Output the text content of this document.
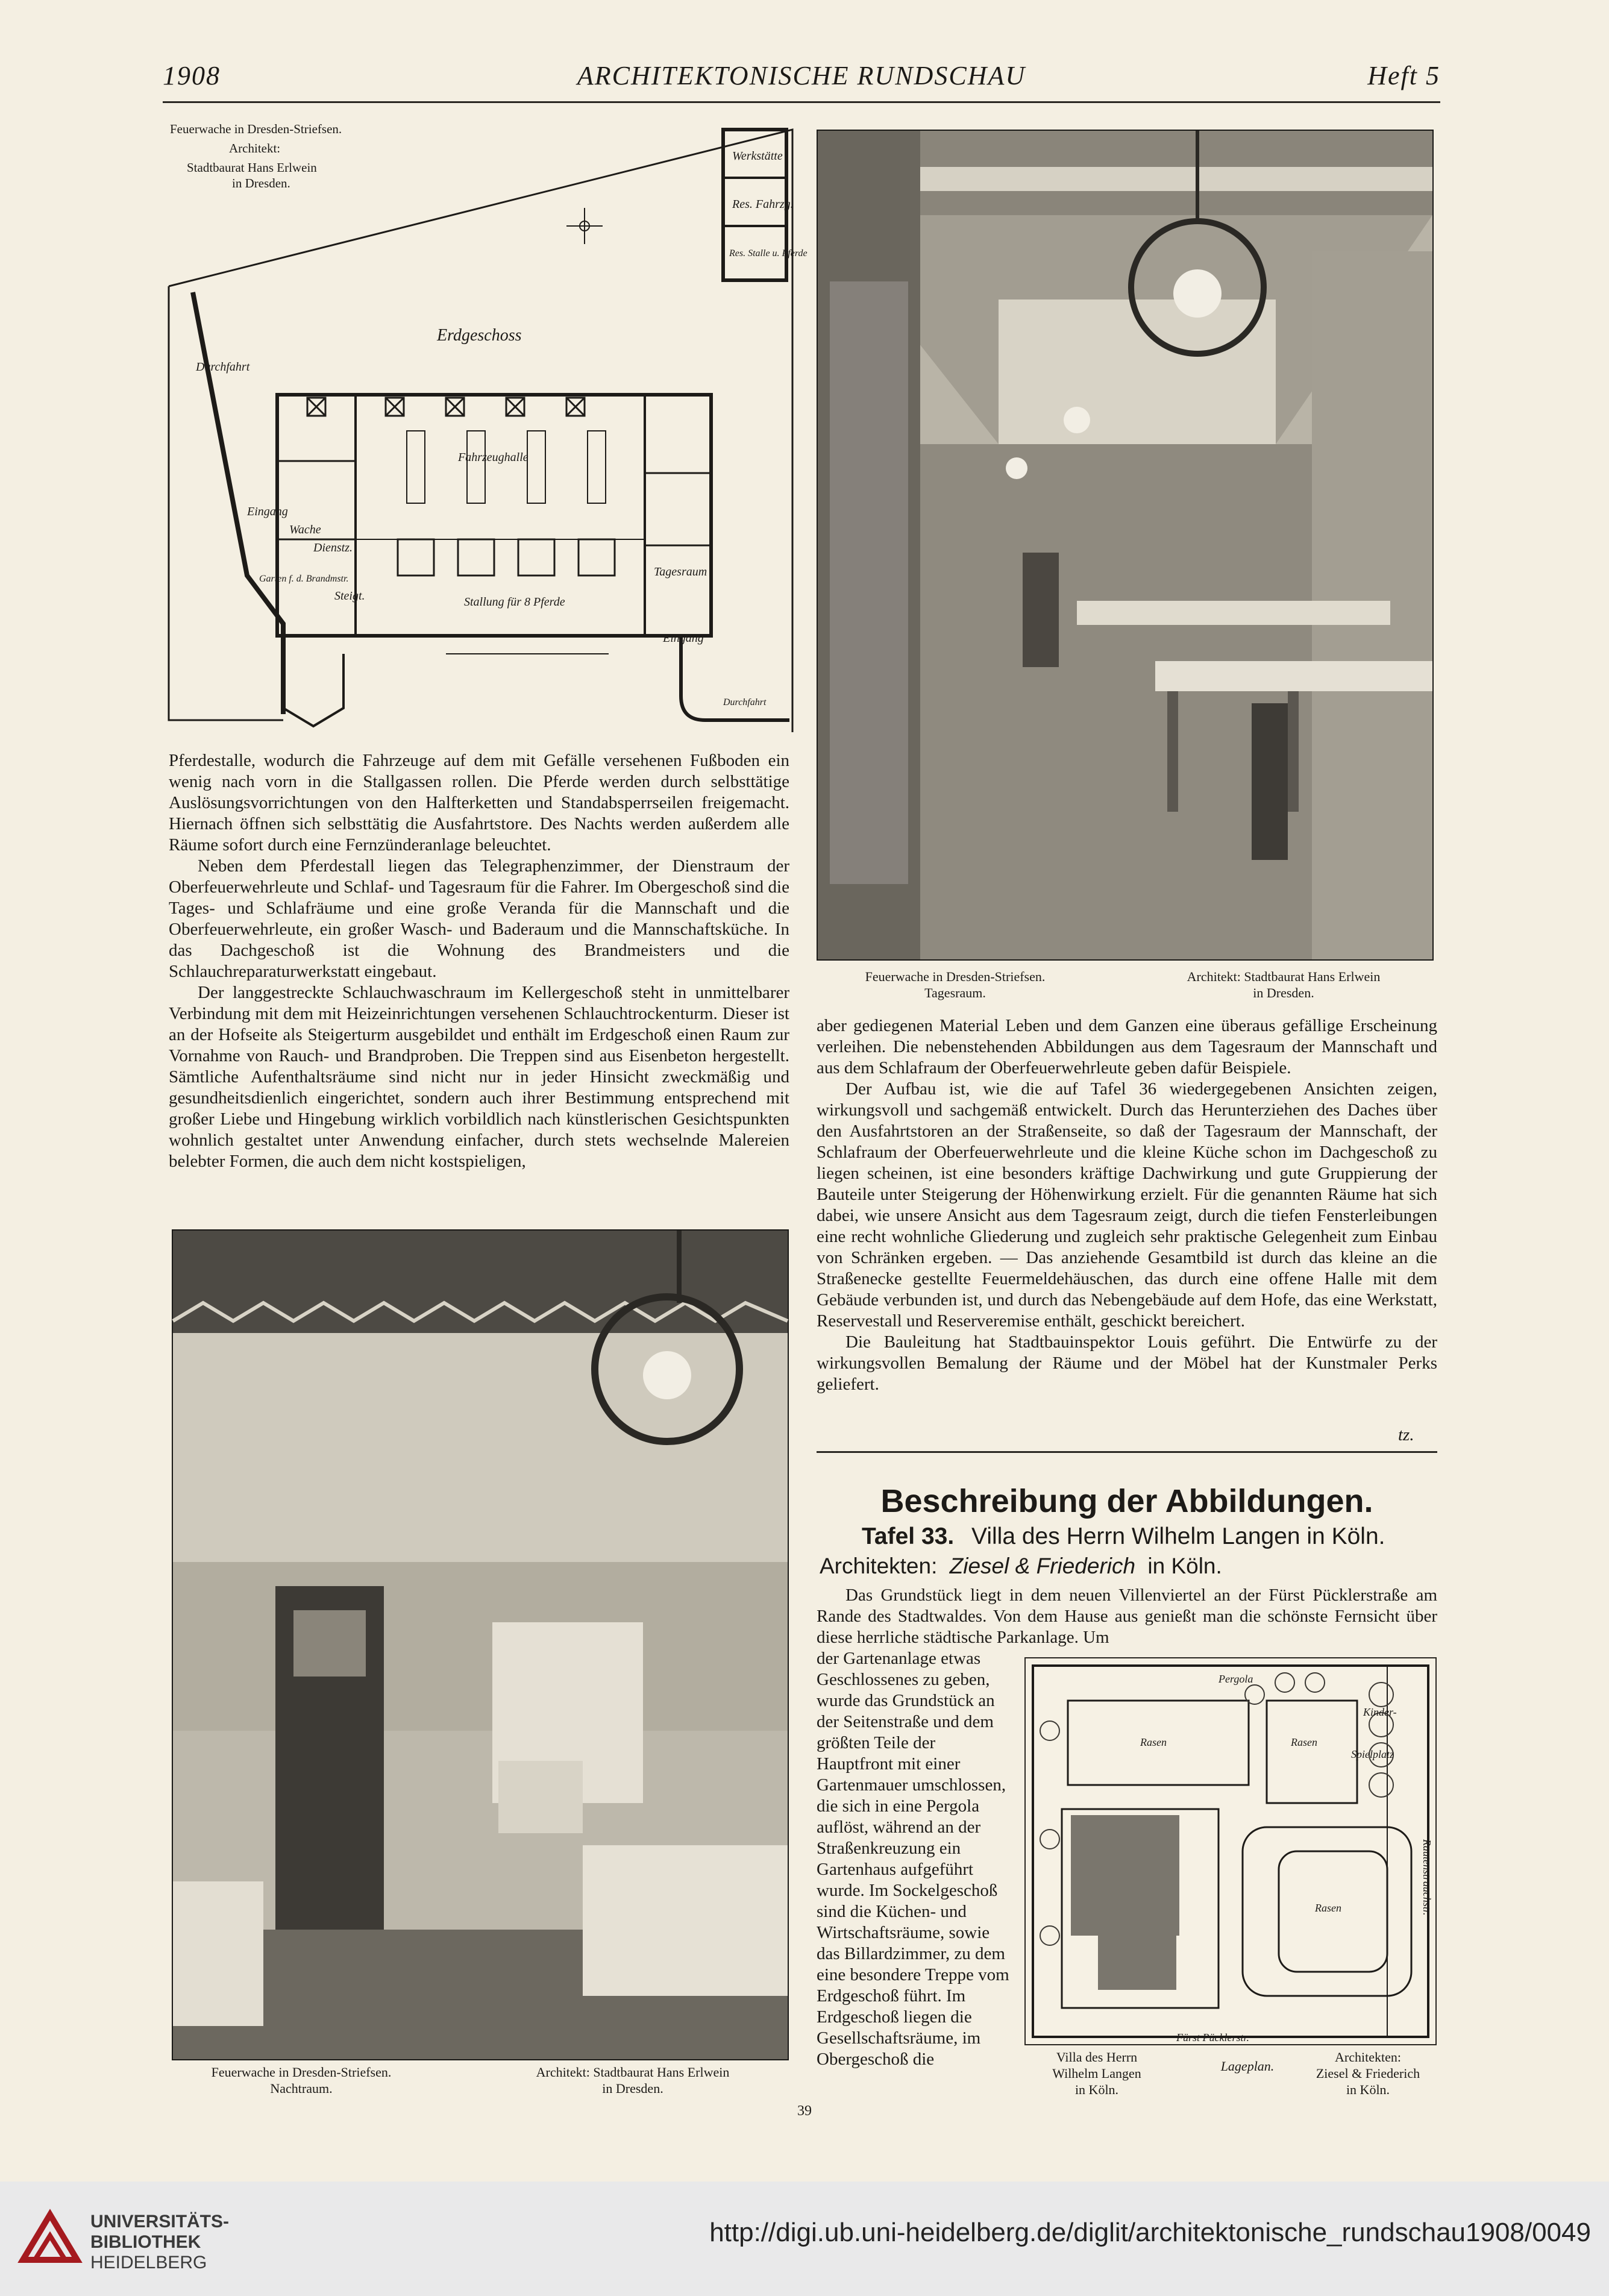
1908	ARCHITEKTONISCHE RUNDSCHAU	Heft 5
Werkstätte
Res. Fahrzg.
Res. Stalle u. Pferde
Durchfahrt
Wache
Fahrzeughalle
Dienstz.
Eingang
Garten f. d. Brandmstr.
Steigt.
Tagesraum
Stallung für 8 Pferde
Eingang
Durchfahrt
Erdgeschoss
Feuerwache in Dresden-Striefsen.
Architekt:
Stadtbaurat Hans Erlwein
in Dresden.

Pferdestalle, wodurch die Fahrzeuge auf dem mit Gefälle versehenen Fußboden ein wenig nach vorn in die Stallgassen rollen. Die Pferde werden durch selbsttätige Auslösungsvorrichtungen von den Halfterketten und Standabsperrseilen freigemacht. Hiernach öffnen sich selbsttätig die Ausfahrtstore. Des Nachts werden außerdem alle Räume sofort durch eine Fernzünderanlage beleuchtet.

Neben dem Pferdestall liegen das Telegraphenzimmer, der Dienstraum der Oberfeuerwehrleute und Schlaf- und Tagesraum für die Fahrer. Im Obergeschoß sind die Tages- und Schlafräume und eine große Veranda für die Mannschaft und die Oberfeuerwehrleute, ein großer Wasch- und Baderaum und die Mannschaftsküche. In das Dachgeschoß ist die Wohnung des Brandmeisters und die Schlauchreparaturwerkstatt eingebaut.

Der langgestreckte Schlauchwaschraum im Kellergeschoß steht in unmittelbarer Verbindung mit dem mit Heizeinrichtungen versehenen Schlauchtrockenturm. Dieser ist an der Hofseite als Steigerturm ausgebildet und enthält im Erdgeschoß einen Raum zur Vornahme von Rauch- und Brandproben. Die Treppen sind aus Eisenbeton hergestellt. Sämtliche Aufenthaltsräume sind nicht nur in jeder Hinsicht zweckmäßig und gesundheitsdienlich eingerichtet, sondern auch ihrer Bestimmung entsprechend mit großer Liebe und Hingebung wirklich vorbildlich nach künstlerischen Gesichtspunkten wohnlich gestaltet unter Anwendung einfacher, durch stets wechselnde Malereien belebter Formen, die auch dem nicht kostspieligen,

Feuerwache in Dresden-Striefsen.
Tagesraum.
Architekt: Stadtbaurat Hans Erlwein
in Dresden.

aber gediegenen Material Leben und dem Ganzen eine überaus gefällige Erscheinung verleihen. Die nebenstehenden Abbildungen aus dem Tagesraum der Mannschaft und aus dem Schlafraum der Oberfeuerwehrleute geben dafür Beispiele.

Der Aufbau ist, wie die auf Tafel 36 wiedergegebenen Ansichten zeigen, wirkungsvoll und sachgemäß entwickelt. Durch das Herunterziehen des Daches über den Ausfahrtstoren an der Straßenseite, so daß der Tagesraum der Mannschaft, der Schlafraum der Oberfeuerwehrleute und die kleine Küche schon im Dachgeschoß zu liegen scheinen, ist eine besonders kräftige Dachwirkung und gute Gruppierung der Bauteile unter Steigerung der Höhenwirkung erzielt. Für die genannten Räume hat sich dabei, wie unsere Ansicht aus dem Tagesraum zeigt, durch die tiefen Fensterleibungen eine recht wohnliche Gliederung und zugleich sehr praktische Gelegenheit zum Einbau von Schränken ergeben. — Das anziehende Gesamtbild ist durch das kleine an die Straßenecke gestellte Feuermeldehäuschen, das durch eine offene Halle mit dem Gebäude verbunden ist, und durch das Nebengebäude auf dem Hofe, das eine Werkstatt, Reservestall und Reserveremise enthält, geschickt bereichert.

Die Bauleitung hat Stadtbauinspektor Louis geführt. Die Entwürfe zu der wirkungsvollen Bemalung der Räume und der Möbel hat der Kunstmaler Perks geliefert.

tz.
Feuerwache in Dresden-Striefsen.
Nachtraum.
Architekt: Stadtbaurat Hans Erlwein
in Dresden.
Beschreibung der Abbildungen.
Tafel 33. Villa des Herrn Wilhelm Langen in Köln.
Architekten: Ziesel & Friederich in Köln.

Das Grundstück liegt in dem neuen Villenviertel an der Fürst Pücklerstraße am Rande des Stadtwaldes. Von dem Hause aus genießt man die schönste Fernsicht über diese herrliche städtische Parkanlage. Um

der Gartenanlage etwas Geschlossenes zu geben, wurde das Grundstück an der Seitenstraße und dem größten Teile der Hauptfront mit einer Gartenmauer umschlossen, die sich in eine Pergola auflöst, während an der Straßenkreuzung ein Gartenhaus aufgeführt wurde. Im Sockelgeschoß sind die Küchen- und Wirtschaftsräume, sowie das Billardzimmer, zu dem eine besondere Treppe vom Erdgeschoß führt. Im Erdgeschoß liegen die Gesellschaftsräume, im Obergeschoß die

Pergola
Kinder-
Rasen	Rasen
Spielplatz
Rasen	Rautenstrauchstr.
Fürst Pücklerstr.
Villa des Herrn
Wilhelm Langen
in Köln.
Lageplan.
Architekten:
Ziesel & Friederich
in Köln.
39
UNIVERSITÄTS-
BIBLIOTHEK
HEIDELBERG
http://digi.ub.uni-heidelberg.de/diglit/architektonische_rundschau1908/0049
